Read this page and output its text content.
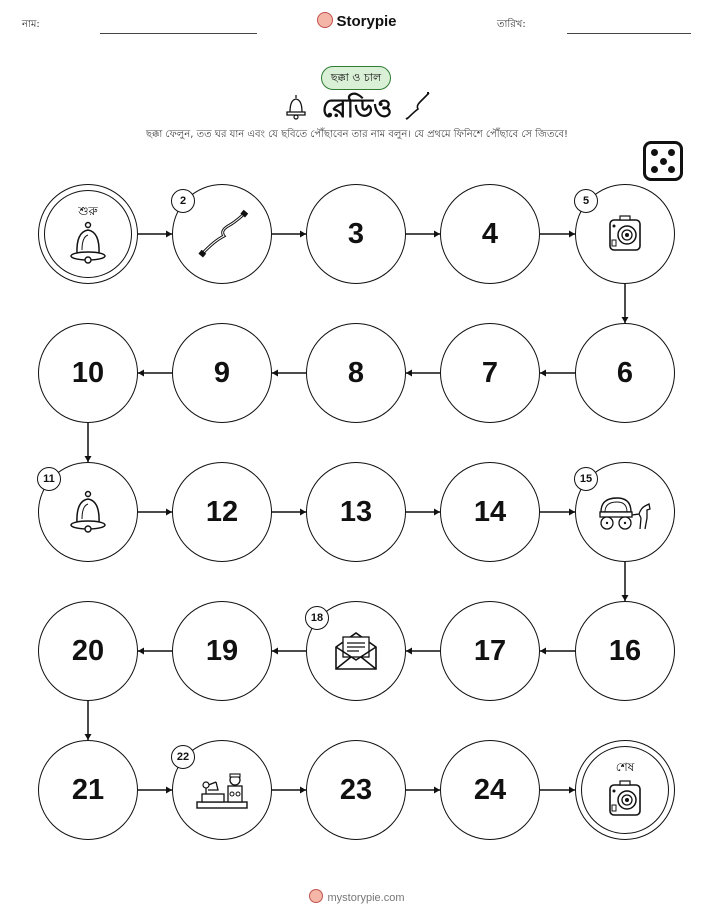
নাম:	Storypie	তারিখ:
ছক্কা ও চাল
রেডিও
ছক্কা ফেলুন, তত ঘর যান এবং যে ছবিতে পৌঁছাবেন তার নাম বলুন। যে প্রথমে ফিনিশে পৌঁছাবে সে জিতবে!
শুরু
2
3	4
5
6
7
8
9
10
11
12	13	14
15
16
17
18
19
20
21
22
23	24
শেষ
mystorypie.com
